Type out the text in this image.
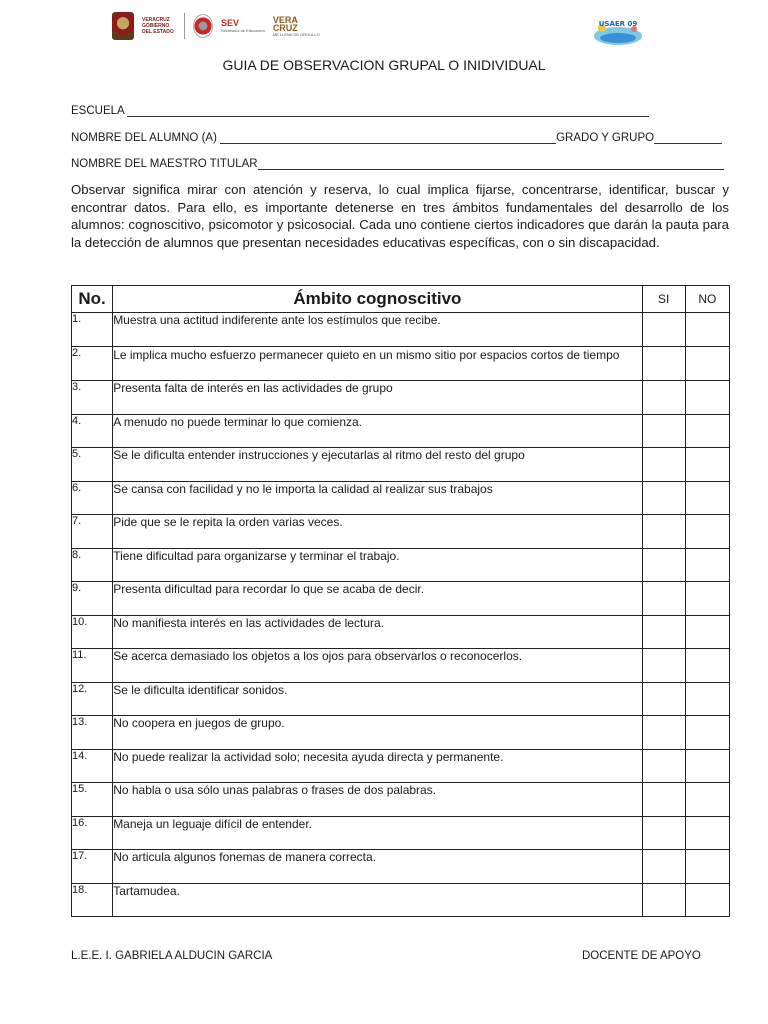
VERACRUZ GOBIERNO DEL ESTADO
SEV
Secretaría de Educación
VERA CRUZ
ME LLENA DE ORGULLO
USAER 09
GUIA DE OBSERVACION GRUPAL O INIDIVIDUAL
ESCUELA
NOMBRE DEL ALUMNO (A)	GRADO Y GRUPO
NOMBRE DEL MAESTRO TITULAR
Observar significa mirar con atención y reserva, lo cual implica fijarse, concentrarse, identificar, buscar y encontrar datos. Para ello, es importante detenerse en tres ámbitos fundamentales del desarrollo de los alumnos: cognoscitivo, psicomotor y psicosocial. Cada uno contiene ciertos indicadores que darán la pauta para la detección de alumnos que presentan necesidades educativas específicas, con o sin discapacidad.
No.	Ámbito cognoscitivo	SI	NO
1.	Muestra una actitud indiferente ante los estímulos que recibe.		
2.	Le implica mucho esfuerzo permanecer quieto en un mismo sitio por espacios cortos de tiempo		
3.	Presenta falta de interés en las actividades de grupo		
4.	A menudo no puede terminar lo que comienza.		
5.	Se le dificulta entender instrucciones y ejecutarlas al ritmo del resto del grupo		
6.	Se cansa con facilidad y no le importa la calidad al realizar sus trabajos		
7.	Pide que se le repita la orden varias veces.		
8.	Tiene dificultad para organizarse y terminar el trabajo.		
9.	Presenta dificultad para recordar lo que se acaba de decir.		
10.	No manifiesta interés en las actividades de lectura.		
11.	Se acerca demasiado los objetos a los ojos para observarlos o reconocerlos.		
12.	Se le dificulta identificar sonidos.		
13.	No coopera en juegos de grupo.		
14.	No puede realizar la actividad solo; necesita ayuda directa y permanente.		
15.	No habla o usa sólo unas palabras o frases de dos palabras.		
16.	Maneja un leguaje difícil de entender.		
17.	No articula algunos fonemas de manera correcta.		
18.	Tartamudea.		
L.E.E. I. GABRIELA ALDUCIN GARCIA	DOCENTE DE APOYO
